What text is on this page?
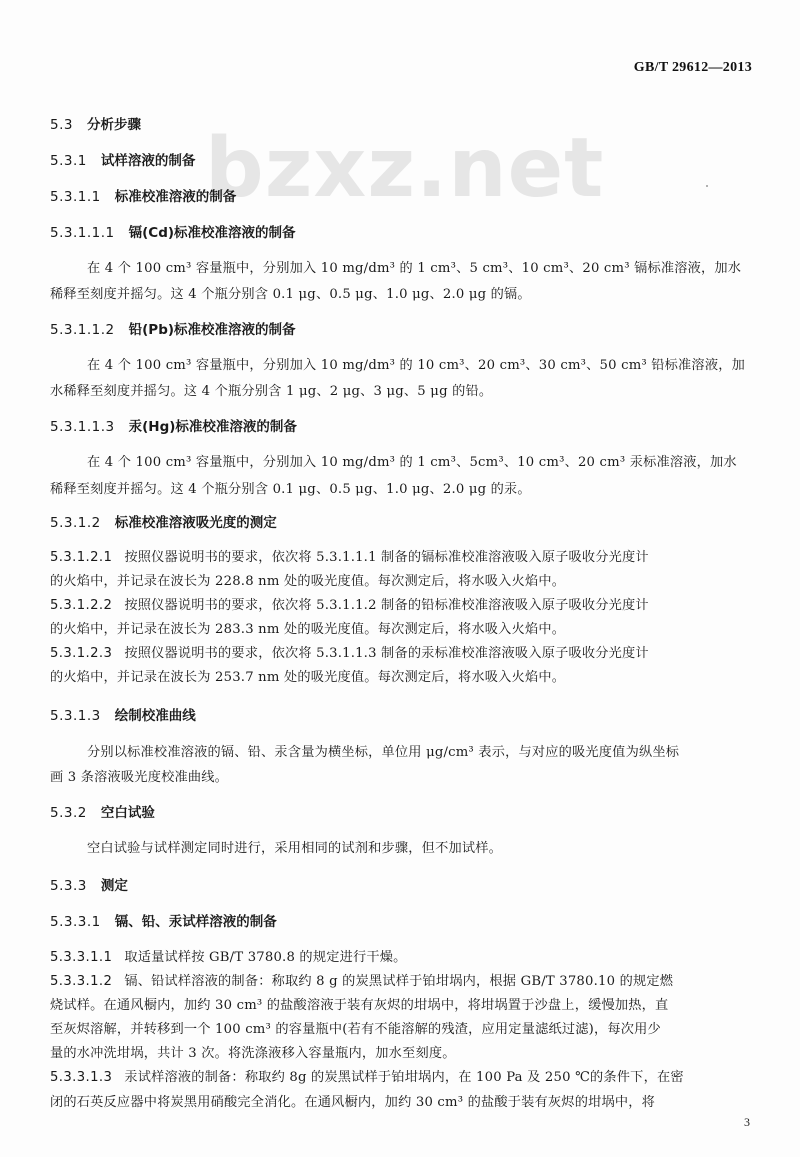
bzxz.net
GB/T 29612—2013
5.3 分析步骤
5.3.1 试样溶液的制备
5.3.1.1 标准校准溶液的制备
5.3.1.1.1 镉(Cd)标准校准溶液的制备
在 4 个 100 cm³ 容量瓶中，分别加入 10 mg/dm³ 的 1 cm³、5 cm³、10 cm³、20 cm³ 镉标准溶液，加水
稀释至刻度并摇匀。这 4 个瓶分别含 0.1 μg、0.5 μg、1.0 μg、2.0 μg 的镉。
5.3.1.1.2 铅(Pb)标准校准溶液的制备
在 4 个 100 cm³ 容量瓶中，分别加入 10 mg/dm³ 的 10 cm³、20 cm³、30 cm³、50 cm³ 铅标准溶液，加
水稀释至刻度并摇匀。这 4 个瓶分别含 1 μg、2 μg、3 μg、5 μg 的铅。
5.3.1.1.3 汞(Hg)标准校准溶液的制备
在 4 个 100 cm³ 容量瓶中，分别加入 10 mg/dm³ 的 1 cm³、5cm³、10 cm³、20 cm³ 汞标准溶液，加水
稀释至刻度并摇匀。这 4 个瓶分别含 0.1 μg、0.5 μg、1.0 μg、2.0 μg 的汞。
5.3.1.2 标准校准溶液吸光度的测定
5.3.1.2.1 按照仪器说明书的要求，依次将 5.3.1.1.1 制备的镉标准校准溶液吸入原子吸收分光度计
的火焰中，并记录在波长为 228.8 nm 处的吸光度值。每次测定后，将水吸入火焰中。
5.3.1.2.2 按照仪器说明书的要求，依次将 5.3.1.1.2 制备的铅标准校准溶液吸入原子吸收分光度计
的火焰中，并记录在波长为 283.3 nm 处的吸光度值。每次测定后，将水吸入火焰中。
5.3.1.2.3 按照仪器说明书的要求，依次将 5.3.1.1.3 制备的汞标准校准溶液吸入原子吸收分光度计
的火焰中，并记录在波长为 253.7 nm 处的吸光度值。每次测定后，将水吸入火焰中。
5.3.1.3 绘制校准曲线
分别以标准校准溶液的镉、铅、汞含量为横坐标，单位用 μg/cm³ 表示，与对应的吸光度值为纵坐标
画 3 条溶液吸光度校准曲线。
5.3.2 空白试验
空白试验与试样测定同时进行，采用相同的试剂和步骤，但不加试样。
5.3.3 测定
5.3.3.1 镉、铅、汞试样溶液的制备
5.3.3.1.1 取适量试样按 GB/T 3780.8 的规定进行干燥。
5.3.3.1.2 镉、铅试样溶液的制备：称取约 8 g 的炭黑试样于铂坩埚内，根据 GB/T 3780.10 的规定燃
烧试样。在通风橱内，加约 30 cm³ 的盐酸溶液于装有灰烬的坩埚中，将坩埚置于沙盘上，缓慢加热，直
至灰烬溶解，并转移到一个 100 cm³ 的容量瓶中(若有不能溶解的残渣，应用定量滤纸过滤)，每次用少
量的水冲洗坩埚，共计 3 次。将洗涤液移入容量瓶内，加水至刻度。
5.3.3.1.3 汞试样溶液的制备：称取约 8g 的炭黑试样于铂坩埚内，在 100 Pa 及 250 ℃的条件下，在密
闭的石英反应器中将炭黑用硝酸完全消化。在通风橱内，加约 30 cm³ 的盐酸于装有灰烬的坩埚中，将
3
